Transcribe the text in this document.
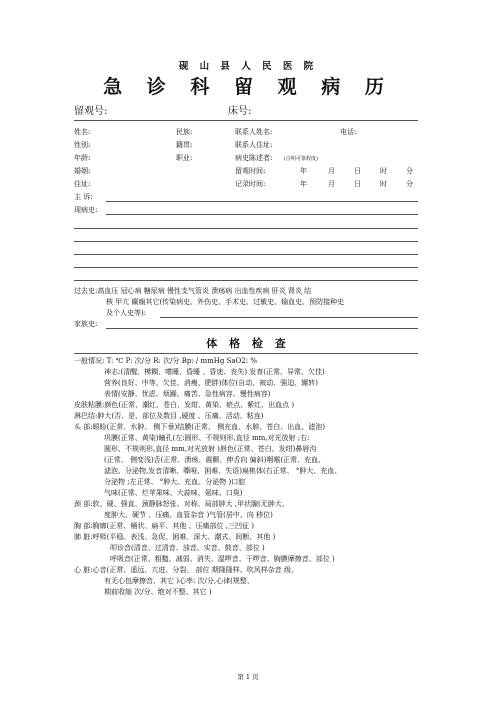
砚 山 县 人 民 医 院
急 诊 科 留 观 病 历
留观号:	床号:
姓名:	民族:	联系人姓名:	电话:
性别:	籍贯:	联系人住址:
年龄:	职业:	病史陈述者: (注明可靠程度)
婚姻:	留观时间:	年	月	日	时	分
住址:	记录时间:	年	月	日	时	分
主 诉:
现病史:
过去史:高血压 冠心病 糖尿病 慢性支气管炎 溃疡病 出血性疾病 肝炎 肾炎 结
核 甲亢 癫痫其它(传染病史、外伤史、手术史、过敏史、输血史、预防接种史
及个人史等):
家族史:
体 格 检 查
一般情况: T: ℃ P: 次/分 R: 次/分 Bp: / mmHg SaO2: %
神志:(清醒、模糊、嗜睡、昏睡 、昏迷、丧失) 发育(正常、异常、欠佳)
营养(良好、中等、欠佳、消瘦、肥胖)体位(自动、被动、强迫、辗转)
表情(安静、忧虑、烦躁、痛苦、急性病容、慢性病容)
皮肤粘膜:颜色(正常、潮红、苍白、发绀、黄染、瘀点、紫红、出血点 )
淋巴结:肿大(否、是、部位及数目 ,硬度 、压痛、活动、粘连)
头 部:眼睑(正常、水肿、 侧下垂)结膜(正常、 侧充血、水肿、苍白、出血、滤泡)
巩膜(正常、黄染)瞳孔(左:圆形、不规则形,直径 mm,对光放射 ;右:
圆形、不规则形,直径 mm,对光放射 )唇色(正常、苍白、发绀)鼻唇沟
(正常、 侧变浅)舌(正常、溃疡、震颤、伸舌向 偏斜)咽喉(正常、充血、
滤泡、分泌物,发音清晰、嘶哑、困难、失语)扁桃体(右正常、 °肿大、充血、
分泌物 ;左正常、 °肿大、充血、分泌物 )口腔
气味(正常、烂苹果味、大蒜味、氨味、口臭)
颈 部:软、硬、强直、颈静脉怒张、对称、局部肿大 ,甲状腺(无肿大、
度肿大、硬节 、压痛、血管杂音 )气管(居中、向 移位)
胸 部:胸廓(正常、桶状、扁平、其他 、压痛部位 ,三凹征 )
肺 脏:呼吸(平稳、表浅、急促、困难、深大、潮式、间断、其他 )
叩诊音(清音、过清音、浊音、实音、鼓音、部位 )
呼吸音(正常、粗糙、减弱、消失、湿啰音、干啰音、胸膜摩擦音、部位 )
心 脏:心音(正常、遥远、亢进、分裂、 部位 期隆隆样、吹风样杂音 级、
有无心包摩擦音、其它 )心率: 次/分,心律(规整、
期前收缩 次/分、绝对不整、其它 )
第 1 页
